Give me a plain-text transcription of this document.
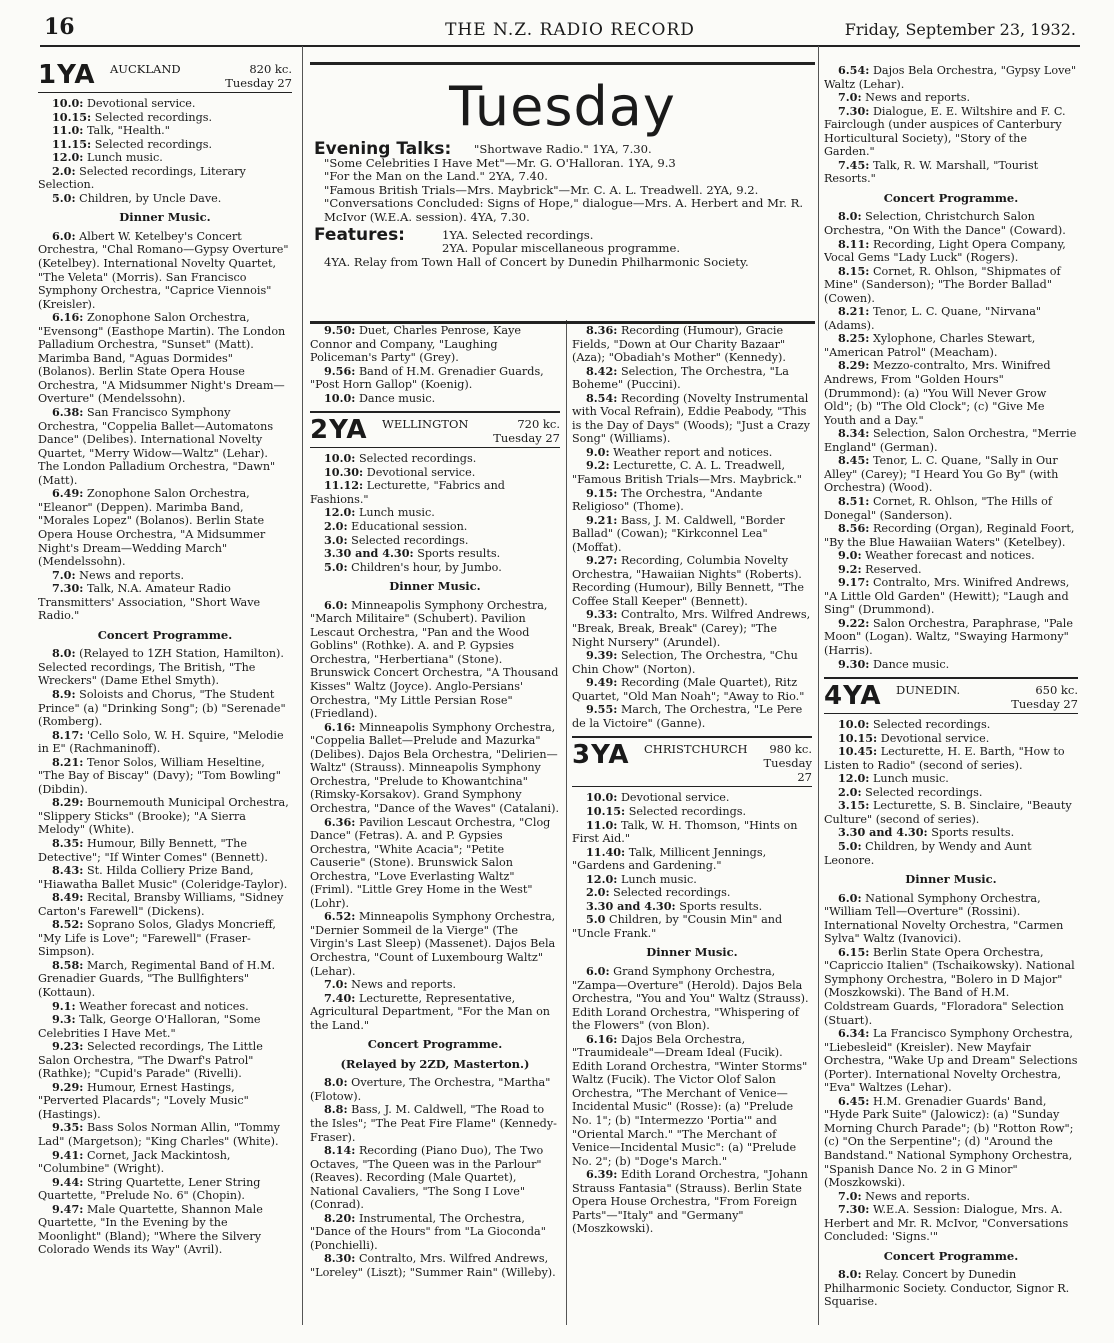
16	THE N.Z. RADIO RECORD	Friday, September 23, 1932.
1YA	AUCKLAND	820 kc.
Tuesday 27

10.0: Devotional service.

10.15: Selected recordings.

11.0: Talk, "Health."

11.15: Selected recordings.

12.0: Lunch music.

2.0: Selected recordings, Literary Selection.

5.0: Children, by Uncle Dave.

Dinner Music.

6.0: Albert W. Ketelbey's Concert Orchestra, "Chal Romano—Gypsy Overture" (Ketelbey). International Novelty Quartet, "The Veleta" (Morris). San Francisco Symphony Orchestra, "Caprice Viennois" (Kreisler).

6.16: Zonophone Salon Orchestra, "Evensong" (Easthope Martin). The London Palladium Orchestra, "Sunset" (Matt). Marimba Band, "Aguas Dormides" (Bolanos). Berlin State Opera House Orchestra, "A Midsummer Night's Dream—Overture" (Mendelssohn).

6.38: San Francisco Symphony Orchestra, "Coppelia Ballet—Automatons Dance" (Delibes). International Novelty Quartet, "Merry Widow—Waltz" (Lehar). The London Palladium Orchestra, "Dawn" (Matt).

6.49: Zonophone Salon Orchestra, "Eleanor" (Deppen). Marimba Band, "Morales Lopez" (Bolanos). Berlin State Opera House Orchestra, "A Midsummer Night's Dream—Wedding March" (Mendelssohn).

7.0: News and reports.

7.30: Talk, N.A. Amateur Radio Transmitters' Association, "Short Wave Radio."

Concert Programme.

8.0: (Relayed to 1ZH Station, Hamilton). Selected recordings, The British, "The Wreckers" (Dame Ethel Smyth).

8.9: Soloists and Chorus, "The Student Prince" (a) "Drinking Song"; (b) "Serenade" (Romberg).

8.17: 'Cello Solo, W. H. Squire, "Melodie in E" (Rachmaninoff).

8.21: Tenor Solos, William Heseltine, "The Bay of Biscay" (Davy); "Tom Bowling" (Dibdin).

8.29: Bournemouth Municipal Orchestra, "Slippery Sticks" (Brooke); "A Sierra Melody" (White).

8.35: Humour, Billy Bennett, "The Detective"; "If Winter Comes" (Bennett).

8.43: St. Hilda Colliery Prize Band, "Hiawatha Ballet Music" (Coleridge-Taylor).

8.49: Recital, Bransby Williams, "Sidney Carton's Farewell" (Dickens).

8.52: Soprano Solos, Gladys Moncrieff, "My Life is Love"; "Farewell" (Fraser-Simpson).

8.58: March, Regimental Band of H.M. Grenadier Guards, "The Bullfighters" (Kottaun).

9.1: Weather forecast and notices.

9.3: Talk, George O'Halloran, "Some Celebrities I Have Met."

9.23: Selected recordings, The Little Salon Orchestra, "The Dwarf's Patrol" (Rathke); "Cupid's Parade" (Rivelli).

9.29: Humour, Ernest Hastings, "Perverted Placards"; "Lovely Music" (Hastings).

9.35: Bass Solos Norman Allin, "Tommy Lad" (Margetson); "King Charles" (White).

9.41: Cornet, Jack Mackintosh, "Columbine" (Wright).

9.44: String Quartette, Lener String Quartette, "Prelude No. 6" (Chopin).

9.47: Male Quartette, Shannon Male Quartette, "In the Evening by the Moonlight" (Bland); "Where the Silvery Colorado Wends its Way" (Avril).

Tuesday
Evening Talks:	"Shortwave Radio." 1YA, 7.30.
"Some Celebrities I Have Met"—Mr. G. O'Halloran. 1YA, 9.3
"For the Man on the Land." 2YA, 7.40.
"Famous British Trials—Mrs. Maybrick"—Mr. C. A. L. Treadwell. 2YA, 9.2.
"Conversations Concluded: Signs of Hope," dialogue—Mrs. A. Herbert and Mr. R. McIvor (W.E.A. session). 4YA, 7.30.
Features:	1YA. Selected recordings.
2YA. Popular miscellaneous programme.
4YA. Relay from Town Hall of Concert by Dunedin Philharmonic Society.

9.50: Duet, Charles Penrose, Kaye Connor and Company, "Laughing Policeman's Party" (Grey).

9.56: Band of H.M. Grenadier Guards, "Post Horn Gallop" (Koenig).

10.0: Dance music.

2YA	WELLINGTON	720 kc.
Tuesday 27

10.0: Selected recordings.

10.30: Devotional service.

11.12: Lecturette, "Fabrics and Fashions."

12.0: Lunch music.

2.0: Educational session.

3.0: Selected recordings.

3.30 and 4.30: Sports results.

5.0: Children's hour, by Jumbo.

Dinner Music.

6.0: Minneapolis Symphony Orchestra, "March Militaire" (Schubert). Pavilion Lescaut Orchestra, "Pan and the Wood Goblins" (Rothke). A. and P. Gypsies Orchestra, "Herbertiana" (Stone). Brunswick Concert Orchestra, "A Thousand Kisses" Waltz (Joyce). Anglo-Persians' Orchestra, "My Little Persian Rose" (Friedland).

6.16: Minneapolis Symphony Orchestra, "Coppelia Ballet—Prelude and Mazurka" (Delibes). Dajos Bela Orchestra, "Delirien—Waltz" (Strauss). Minneapolis Symphony Orchestra, "Prelude to Khowantchina" (Rimsky-Korsakov). Grand Symphony Orchestra, "Dance of the Waves" (Catalani).

6.36: Pavilion Lescaut Orchestra, "Clog Dance" (Fetras). A. and P. Gypsies Orchestra, "White Acacia"; "Petite Causerie" (Stone). Brunswick Salon Orchestra, "Love Everlasting Waltz" (Friml). "Little Grey Home in the West" (Lohr).

6.52: Minneapolis Symphony Orchestra, "Dernier Sommeil de la Vierge" (The Virgin's Last Sleep) (Massenet). Dajos Bela Orchestra, "Count of Luxembourg Waltz" (Lehar).

7.0: News and reports.

7.40: Lecturette, Representative, Agricultural Department, "For the Man on the Land."

Concert Programme.
(Relayed by 2ZD, Masterton.)

8.0: Overture, The Orchestra, "Martha" (Flotow).

8.8: Bass, J. M. Caldwell, "The Road to the Isles"; "The Peat Fire Flame" (Kennedy-Fraser).

8.14: Recording (Piano Duo), The Two Octaves, "The Queen was in the Parlour" (Reaves). Recording (Male Quartet), National Cavaliers, "The Song I Love" (Conrad).

8.20: Instrumental, The Orchestra, "Dance of the Hours" from "La Gioconda" (Ponchielli).

8.30: Contralto, Mrs. Wilfred Andrews, "Loreley" (Liszt); "Summer Rain" (Willeby).

8.36: Recording (Humour), Gracie Fields, "Down at Our Charity Bazaar" (Aza); "Obadiah's Mother" (Kennedy).

8.42: Selection, The Orchestra, "La Boheme" (Puccini).

8.54: Recording (Novelty Instrumental with Vocal Refrain), Eddie Peabody, "This is the Day of Days" (Woods); "Just a Crazy Song" (Williams).

9.0: Weather report and notices.

9.2: Lecturette, C. A. L. Treadwell, "Famous British Trials—Mrs. Maybrick."

9.15: The Orchestra, "Andante Religioso" (Thome).

9.21: Bass, J. M. Caldwell, "Border Ballad" (Cowan); "Kirkconnel Lea" (Moffat).

9.27: Recording, Columbia Novelty Orchestra, "Hawaiian Nights" (Roberts). Recording (Humour), Billy Bennett, "The Coffee Stall Keeper" (Bennett).

9.33: Contralto, Mrs. Wilfred Andrews, "Break, Break, Break" (Carey); "The Night Nursery" (Arundel).

9.39: Selection, The Orchestra, "Chu Chin Chow" (Norton).

9.49: Recording (Male Quartet), Ritz Quartet, "Old Man Noah"; "Away to Rio."

9.55: March, The Orchestra, "Le Pere de la Victoire" (Ganne).

3YA	CHRISTCHURCH	980 kc.
Tuesday 27

10.0: Devotional service.

10.15: Selected recordings.

11.0: Talk, W. H. Thomson, "Hints on First Aid."

11.40: Talk, Millicent Jennings, "Gardens and Gardening."

12.0: Lunch music.

2.0: Selected recordings.

3.30 and 4.30: Sports results.

5.0 Children, by "Cousin Min" and "Uncle Frank."

Dinner Music.

6.0: Grand Symphony Orchestra, "Zampa—Overture" (Herold). Dajos Bela Orchestra, "You and You" Waltz (Strauss). Edith Lorand Orchestra, "Whispering of the Flowers" (von Blon).

6.16: Dajos Bela Orchestra, "Traumideale"—Dream Ideal (Fucik). Edith Lorand Orchestra, "Winter Storms" Waltz (Fucik). The Victor Olof Salon Orchestra, "The Merchant of Venice—Incidental Music" (Rosse): (a) "Prelude No. 1"; (b) "Intermezzo 'Portia'" and "Oriental March." "The Merchant of Venice—Incidental Music": (a) "Prelude No. 2"; (b) "Doge's March."

6.39: Edith Lorand Orchestra, "Johann Strauss Fantasia" (Strauss). Berlin State Opera House Orchestra, "From Foreign Parts"—"Italy" and "Germany" (Moszkowski).

6.54: Dajos Bela Orchestra, "Gypsy Love" Waltz (Lehar).

7.0: News and reports.

7.30: Dialogue, E. E. Wiltshire and F. C. Fairclough (under auspices of Canterbury Horticultural Society), "Story of the Garden."

7.45: Talk, R. W. Marshall, "Tourist Resorts."

Concert Programme.

8.0: Selection, Christchurch Salon Orchestra, "On With the Dance" (Coward).

8.11: Recording, Light Opera Company, Vocal Gems "Lady Luck" (Rogers).

8.15: Cornet, R. Ohlson, "Shipmates of Mine" (Sanderson); "The Border Ballad" (Cowen).

8.21: Tenor, L. C. Quane, "Nirvana" (Adams).

8.25: Xylophone, Charles Stewart, "American Patrol" (Meacham).

8.29: Mezzo-contralto, Mrs. Winifred Andrews, From "Golden Hours" (Drummond): (a) "You Will Never Grow Old"; (b) "The Old Clock"; (c) "Give Me Youth and a Day."

8.34: Selection, Salon Orchestra, "Merrie England" (German).

8.45: Tenor, L. C. Quane, "Sally in Our Alley" (Carey); "I Heard You Go By" (with Orchestra) (Wood).

8.51: Cornet, R. Ohlson, "The Hills of Donegal" (Sanderson).

8.56: Recording (Organ), Reginald Foort, "By the Blue Hawaiian Waters" (Ketelbey).

9.0: Weather forecast and notices.

9.2: Reserved.

9.17: Contralto, Mrs. Winifred Andrews, "A Little Old Garden" (Hewitt); "Laugh and Sing" (Drummond).

9.22: Salon Orchestra, Paraphrase, "Pale Moon" (Logan). Waltz, "Swaying Harmony" (Harris).

9.30: Dance music.

4YA	DUNEDIN.	650 kc.
Tuesday 27

10.0: Selected recordings.

10.15: Devotional service.

10.45: Lecturette, H. E. Barth, "How to Listen to Radio" (second of series).

12.0: Lunch music.

2.0: Selected recordings.

3.15: Lecturette, S. B. Sinclaire, "Beauty Culture" (second of series).

3.30 and 4.30: Sports results.

5.0: Children, by Wendy and Aunt Leonore.

Dinner Music.

6.0: National Symphony Orchestra, "William Tell—Overture" (Rossini). International Novelty Orchestra, "Carmen Sylva" Waltz (Ivanovici).

6.15: Berlin State Opera Orchestra, "Capriccio Italien" (Tschaikowsky). National Symphony Orchestra, "Bolero in D Major" (Moszkowski). The Band of H.M. Coldstream Guards, "Floradora" Selection (Stuart).

6.34: La Francisco Symphony Orchestra, "Liebesleid" (Kreisler). New Mayfair Orchestra, "Wake Up and Dream" Selections (Porter). International Novelty Orchestra, "Eva" Waltzes (Lehar).

6.45: H.M. Grenadier Guards' Band, "Hyde Park Suite" (Jalowicz): (a) "Sunday Morning Church Parade"; (b) "Rotton Row"; (c) "On the Serpentine"; (d) "Around the Bandstand." National Symphony Orchestra, "Spanish Dance No. 2 in G Minor" (Moszkowski).

7.0: News and reports.

7.30: W.E.A. Session: Dialogue, Mrs. A. Herbert and Mr. R. McIvor, "Conversations Concluded: 'Signs.'"

Concert Programme.

8.0: Relay. Concert by Dunedin Philharmonic Society. Conductor, Signor R. Squarise.
